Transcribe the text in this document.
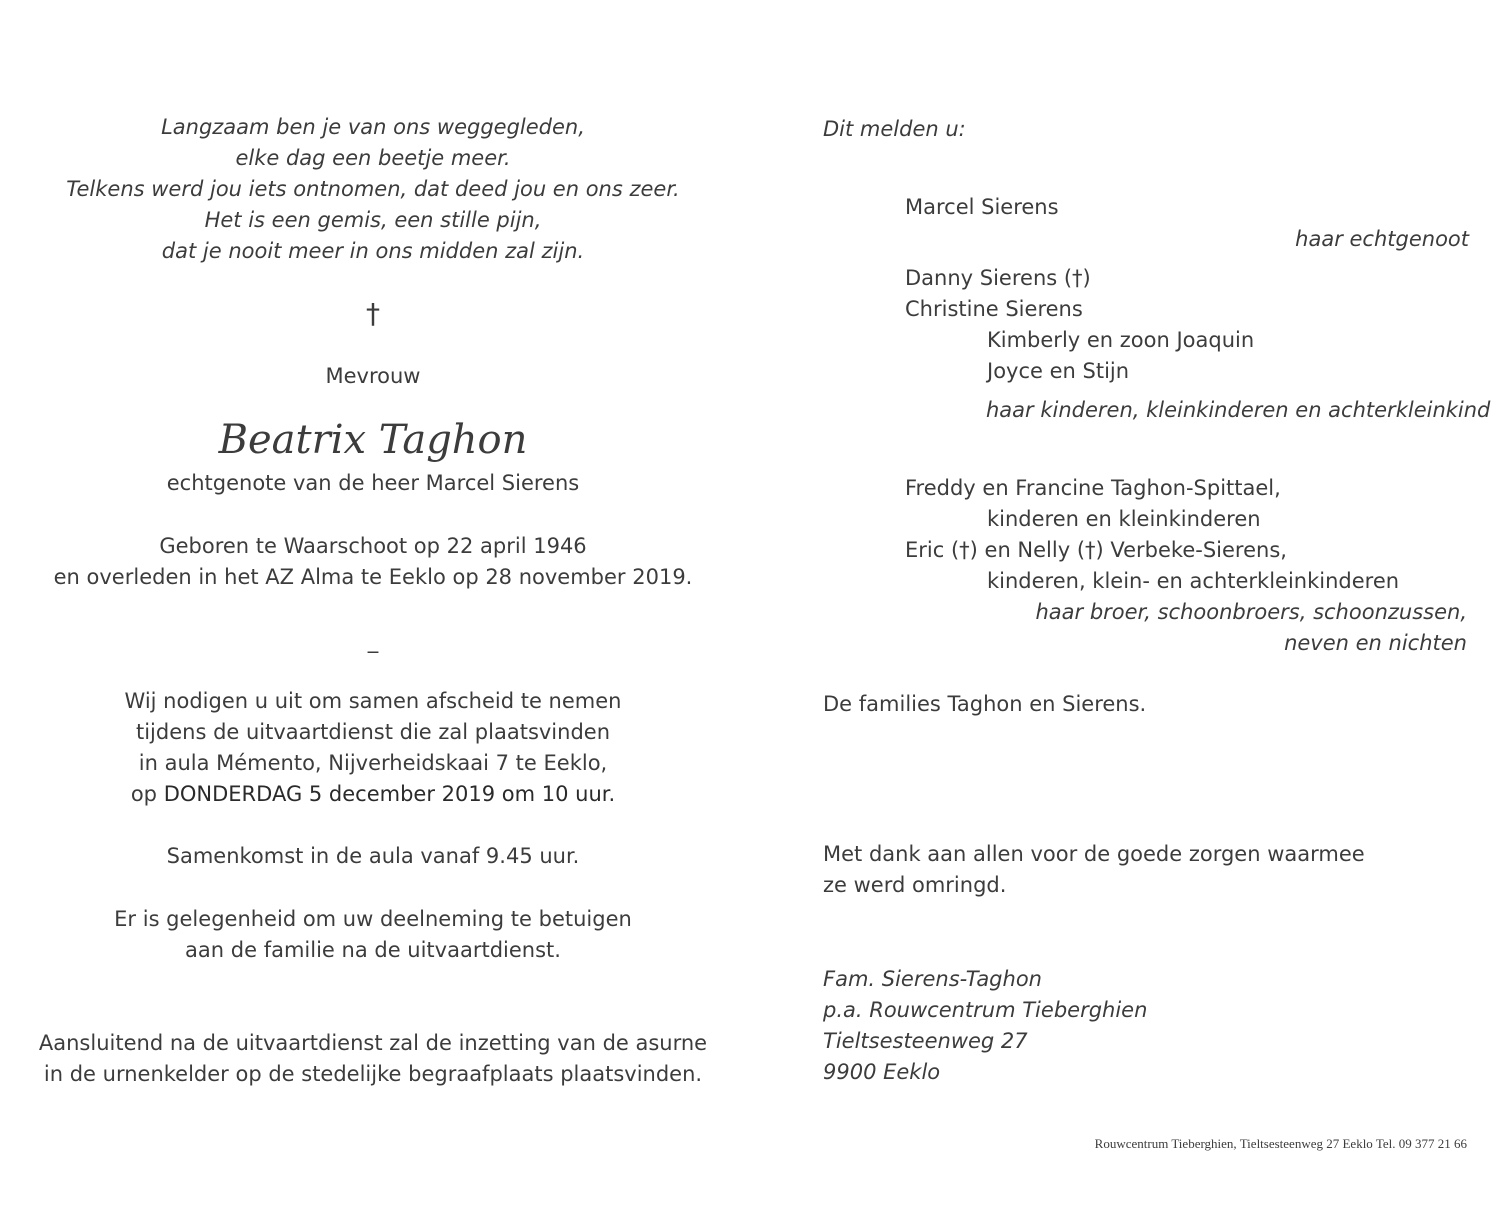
Langzaam ben je van ons weggegleden,
elke dag een beetje meer.
Telkens werd jou iets ontnomen, dat deed jou en ons zeer.
Het is een gemis, een stille pijn,
dat je nooit meer in ons midden zal zijn.
†
Mevrouw
Beatrix Taghon
echtgenote van de heer Marcel Sierens
Geboren te Waarschoot op 22 april 1946
en overleden in het AZ Alma te Eeklo op 28 november 2019.
_
Wij nodigen u uit om samen afscheid te nemen
tijdens de uitvaartdienst die zal plaatsvinden
in aula Mémento, Nijverheidskaai 7 te Eeklo,
op DONDERDAG 5 december 2019 om 10 uur.
Samenkomst in de aula vanaf 9.45 uur.
Er is gelegenheid om uw deelneming te betuigen
aan de familie na de uitvaartdienst.
Aansluitend na de uitvaartdienst zal de inzetting van de asurne
in de urnenkelder op de stedelijke begraafplaats plaatsvinden.
Dit melden u:
Marcel Sierens
haar echtgenoot
Danny Sierens (†)
Christine Sierens
Kimberly en zoon Joaquin
Joyce en Stijn
haar kinderen, kleinkinderen en achterkleinkind
Freddy en Francine Taghon-Spittael,
kinderen en kleinkinderen
Eric (†) en Nelly (†) Verbeke-Sierens,
kinderen, klein- en achterkleinkinderen
haar broer, schoonbroers, schoonzussen,
neven en nichten
De families Taghon en Sierens.
Met dank aan allen voor de goede zorgen waarmee
ze werd omringd.
Fam. Sierens-Taghon
p.a. Rouwcentrum Tieberghien
Tieltsesteenweg 27
9900 Eeklo
Rouwcentrum Tieberghien, Tieltsesteenweg 27 Eeklo Tel. 09 377 21 66
